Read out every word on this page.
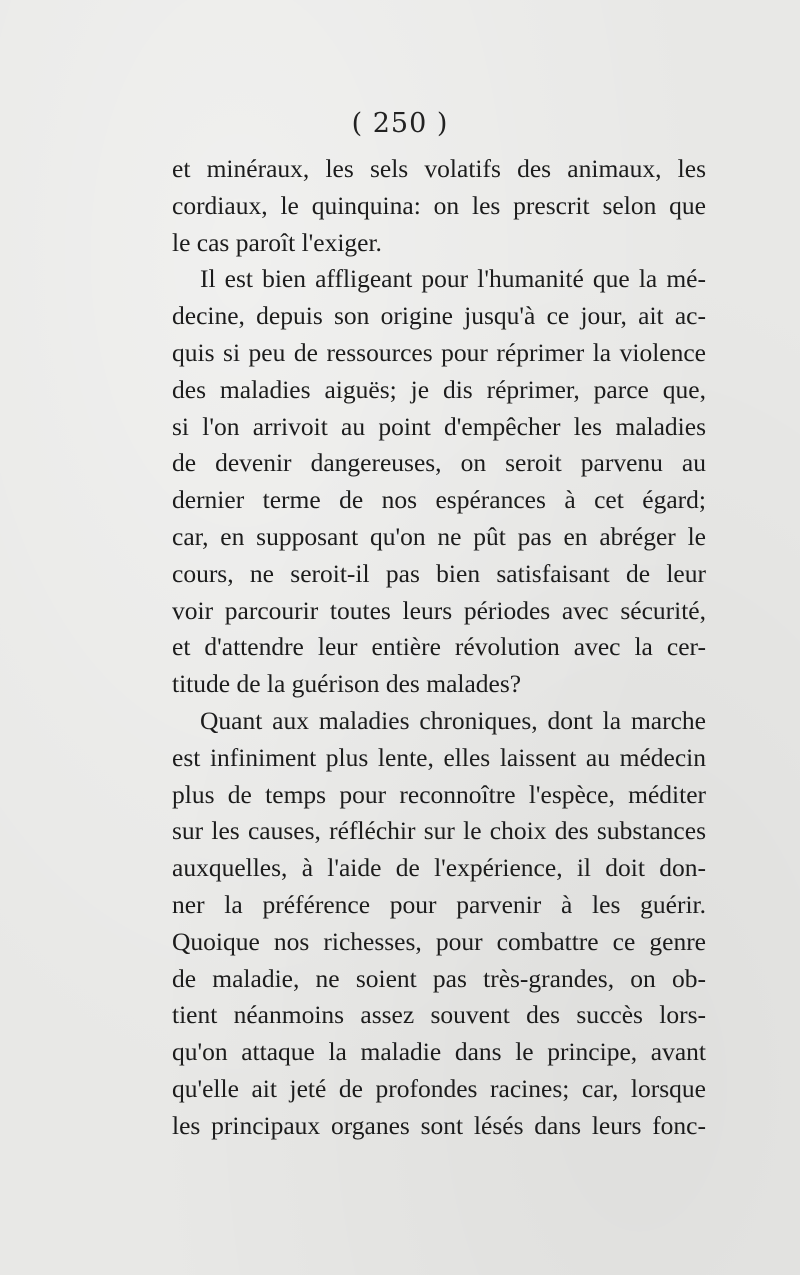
( 250 )
et minéraux, les sels volatifs des animaux, les
cordiaux, le quinquina: on les prescrit selon que
le cas paroît l'exiger.
Il est bien affligeant pour l'humanité que la mé-
decine, depuis son origine jusqu'à ce jour, ait ac-
quis si peu de ressources pour réprimer la violence
des maladies aiguës; je dis réprimer, parce que,
si l'on arrivoit au point d'empêcher les maladies
de devenir dangereuses, on seroit parvenu au
dernier terme de nos espérances à cet égard;
car, en supposant qu'on ne pût pas en abréger le
cours, ne seroit-il pas bien satisfaisant de leur
voir parcourir toutes leurs périodes avec sécurité,
et d'attendre leur entière révolution avec la cer-
titude de la guérison des malades?
Quant aux maladies chroniques, dont la marche
est infiniment plus lente, elles laissent au médecin
plus de temps pour reconnoître l'espèce, méditer
sur les causes, réfléchir sur le choix des substances
auxquelles, à l'aide de l'expérience, il doit don-
ner la préférence pour parvenir à les guérir.
Quoique nos richesses, pour combattre ce genre
de maladie, ne soient pas très-grandes, on ob-
tient néanmoins assez souvent des succès lors-
qu'on attaque la maladie dans le principe, avant
qu'elle ait jeté de profondes racines; car, lorsque
les principaux organes sont lésés dans leurs fonc-
